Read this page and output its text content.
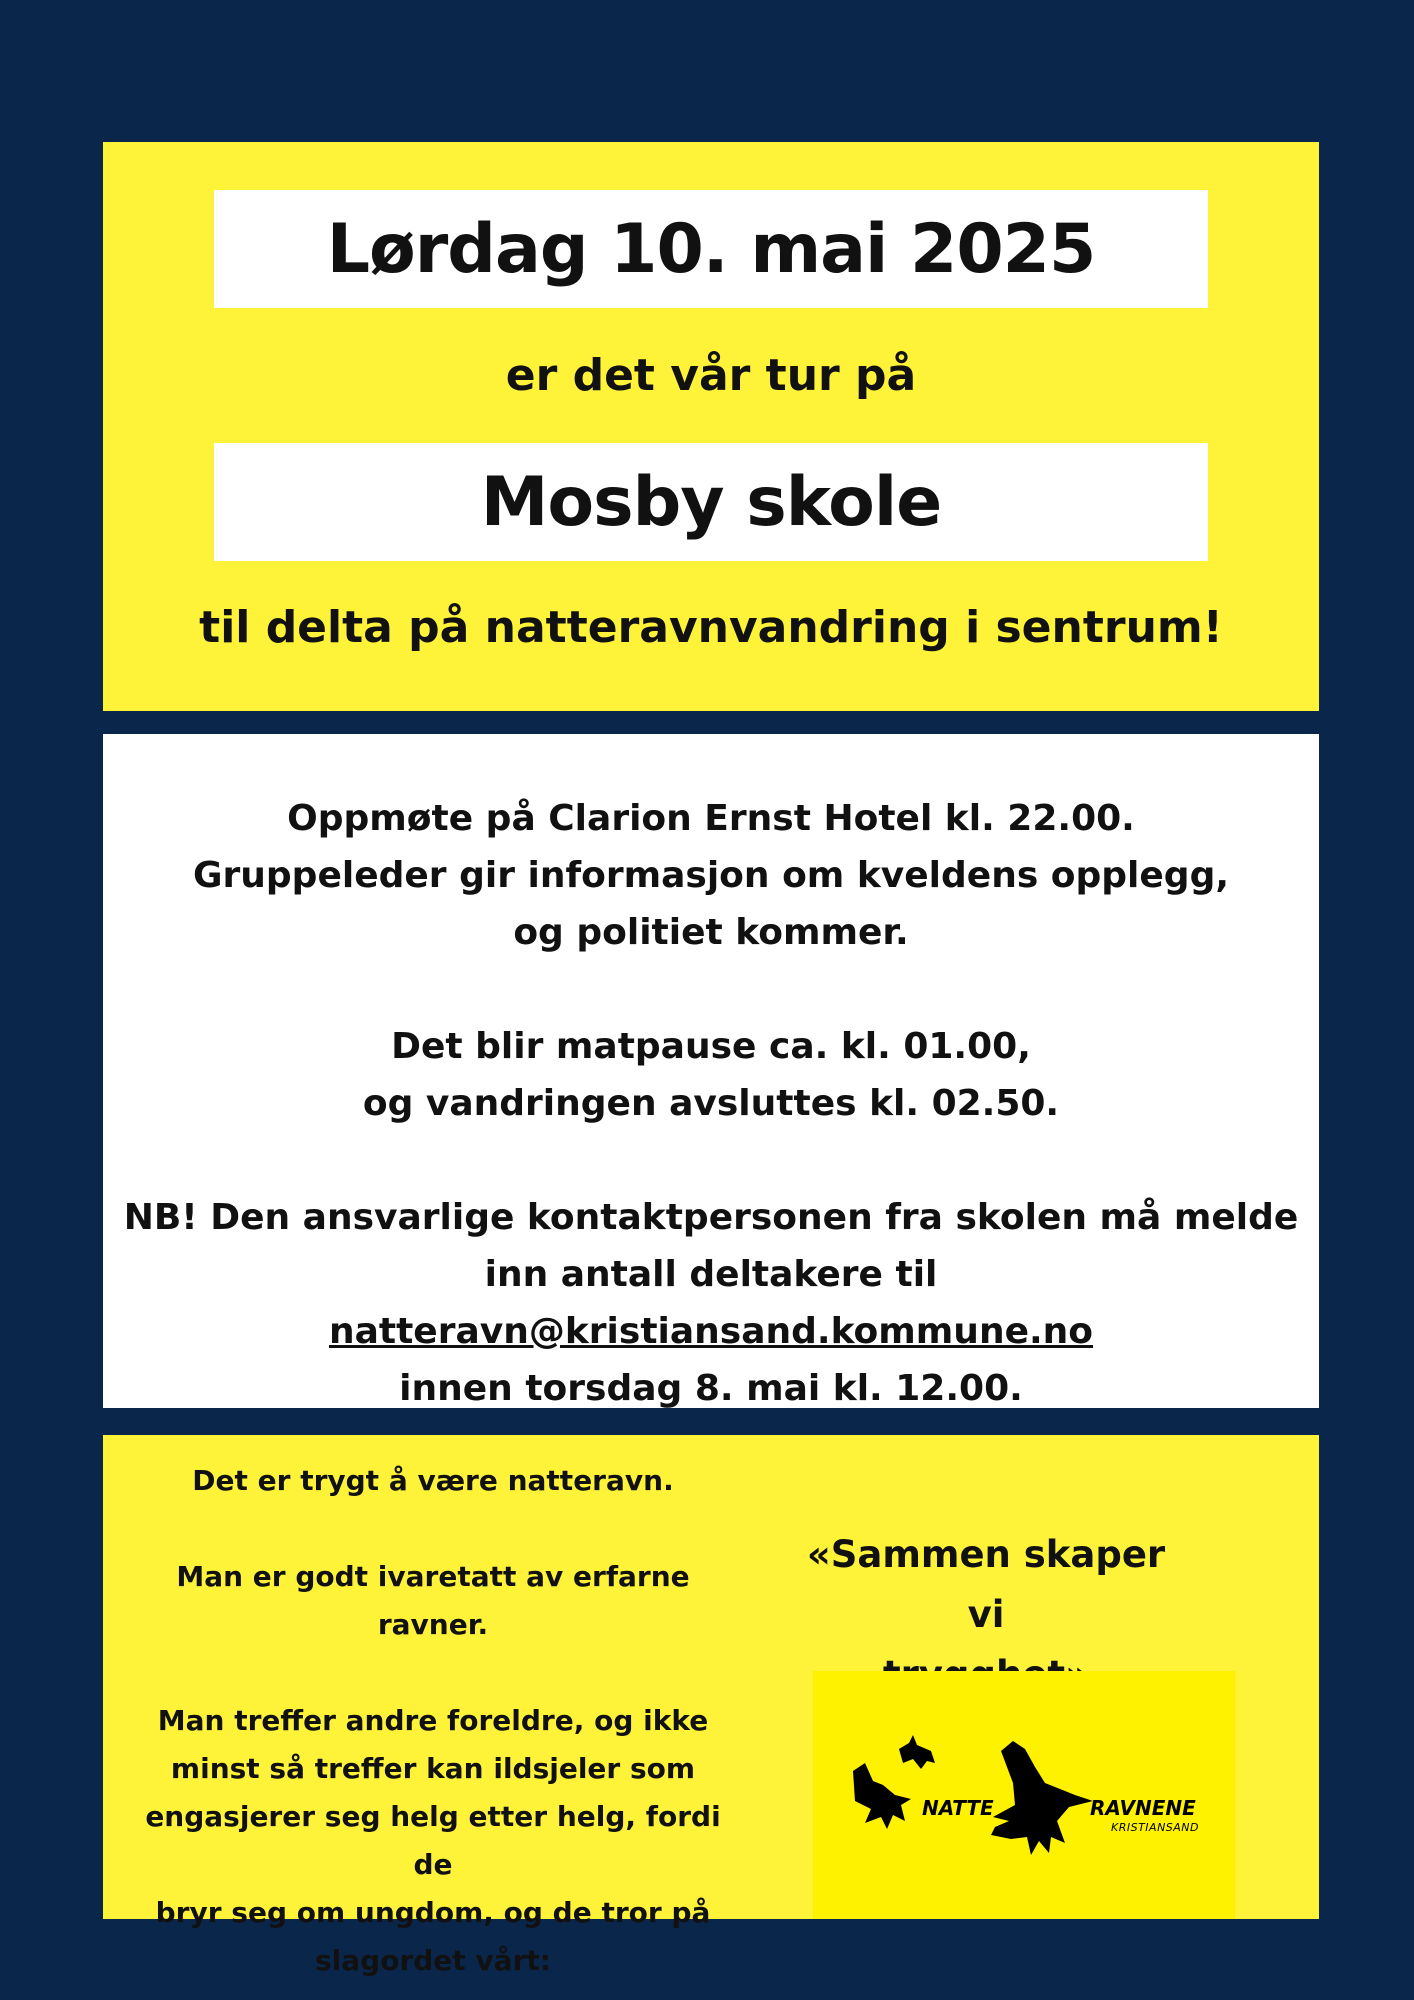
Lørdag 10. mai 2025
er det vår tur på
Mosby skole
til delta på natteravnvandring i sentrum!

Oppmøte på Clarion Ernst Hotel kl. 22.00.
Gruppeleder gir informasjon om kveldens opplegg,
og politiet kommer.

Det blir matpause ca. kl. 01.00,
og vandringen avsluttes kl. 02.50.

NB! Den ansvarlige kontaktpersonen fra skolen må melde
inn antall deltakere til natteravn@kristiansand.kommune.no
innen torsdag 8. mai kl. 12.00.

Det er trygt å være natteravn.

Man er godt ivaretatt av erfarne ravner.

Man treffer andre foreldre, og ikke
minst så treffer kan ildsjeler som
engasjerer seg helg etter helg, fordi de
bryr seg om ungdom, og de tror på
slagordet vårt:

«Sammen skaper vi

NATTE	RAVNENE
KRISTIANSAND
